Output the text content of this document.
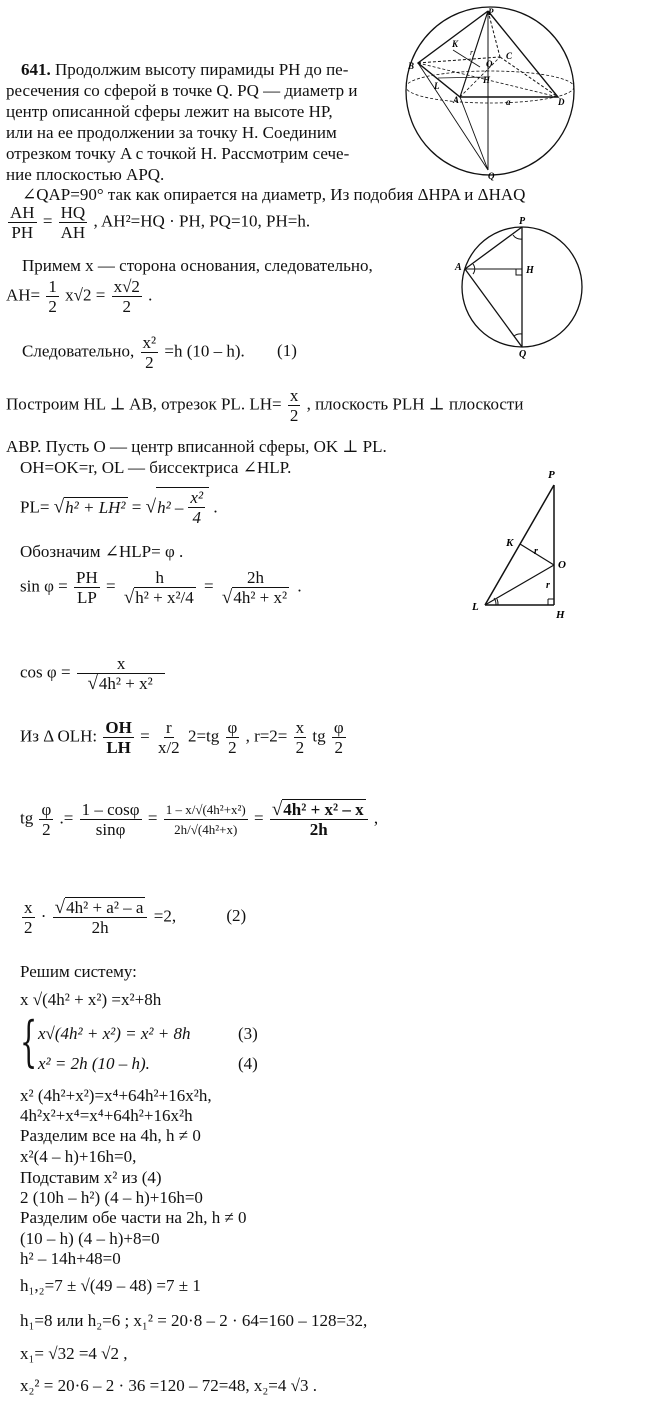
641. Продолжим высоту пирамиды PH до пе-
ресечения со сферой в точке Q. PQ — диаметр и
центр описанной сферы лежит на высоте HP,
или на ее продолжении за точку H. Соединим
отрезком точку A с точкой H. Рассмотрим сече-
ние плоскостью APQ.
∠QAP=90° так как опирается на диаметр, Из подобия ΔHPA и ΔHAQ
$\frac{AH}{PH} = \frac{HQ}{AH}$ , AH²=HQ · PH, PQ=10, PH=h.
Примем x — сторона основания, следовательно,
$AH= \frac{1}{2} x√2 = \frac{x√2}{2}$ .
Следовательно, $\frac{\text{x²}}{2} =h$ (10 – h). (1)
Построим HL ⊥ AB, отрезок PL. $LH= \frac{x}{2}$ , плоскость PLH ⊥ плоскости
ABP. Пусть O — центр вписанной сферы, OK ⊥ PL.
OH=OK=r, OL — биссектриса ∠HLP.
PL= √h² + LH² = √ $h^2 - \frac{\text{x²}}{4}$ .
Обозначим ∠HLP= φ .
$\sin \varphi = \frac{PH}{LP} = \frac{h}{\text{√h² + x²/4}} = \frac{2h}{\text{√4h² + x²}}$ .
$\cos \varphi = \frac{x}{\text{√4h² + x²}}$
Из Δ OLH: $\frac{OH}{LH} = \frac{r}{x/2} 2=tg \frac{\varphi}{2}$ , $r=2= \frac{x}{2}$ tg $\frac{\varphi}{2}$
tg $\frac{\varphi}{2}$ .= $\frac{1 - \cos\varphi}{\sin\varphi} = \frac{\text{1 – x/√(4h²+x²)}}{\text{2h/√(4h²+x)}} = \frac{\text{√4h² + x² – x}}{2h}$ ,
$\frac{x}{2} \cdot \frac{\text{√4h² + a² – a}}{2h} =2$,	(2)
Решим систему:
x √(4h² + x²) =x²+8h
{ x√(4h² + x²) = x² + 8h	(3)
x² = 2h (10 – h).	(4)
x² (4h²+x²)=x⁴+64h²+16x²h,
4h²x²+x⁴=x⁴+64h²+16x²h
Разделим все на 4h, h ≠ 0
x²(4 – h)+16h=0,
Подставим x² из (4)
2 (10h – h²) (4 – h)+16h=0
Разделим обе части на 2h, h ≠ 0
(10 – h) (4 – h)+8=0
h² – 14h+48=0
h₁,₂=7 ± √(49 – 48) =7 ± 1
h₁=8 или h₂=6 ; x₁² = 20·8 – 2 · 64=160 – 128=32,
x₁= √32 =4 √2 ,
x₂² = 20·6 – 2 · 36 =120 – 72=48, x₂=4 √3 .
P
B
K
C
O
H
L
A	a	D
Q
r
P
A	H
Q
P
K
r
O
r
L
H
